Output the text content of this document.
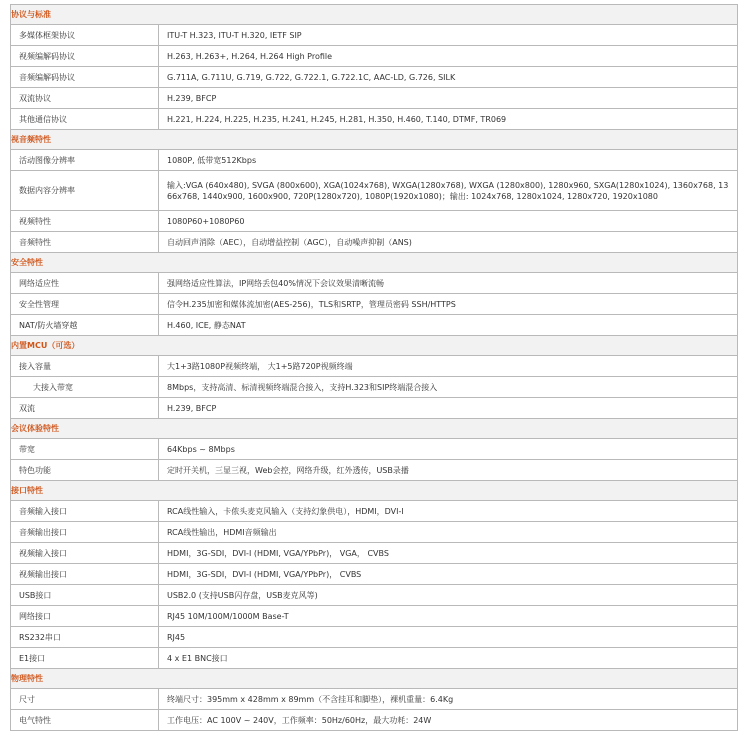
协议与标准	
多媒体框架协议	ITU-T H.323, ITU-T H.320, IETF SIP
视频编解码协议	H.263, H.263+, H.264, H.264 High Profile
音频编解码协议	G.711A, G.711U, G.719, G.722, G.722.1, G.722.1C, AAC-LD, G.726, SILK
双流协议	H.239, BFCP
其他通信协议	H.221, H.224, H.225, H.235, H.241, H.245, H.281, H.350, H.460, T.140, DTMF, TR069
视音频特性	
活动图像分辨率	1080P, 低带宽512Kbps
数据内容分辨率	输入:VGA (640x480), SVGA (800x600), XGA(1024x768), WXGA(1280x768), WXGA (1280x800), 1280x960, SXGA(1280x1024), 1360x768, 1366x768, 1440x900, 1600x900, 720P(1280x720), 1080P(1920x1080)；输出: 1024x768, 1280x1024, 1280x720, 1920x1080
视频特性	1080P60+1080P60
音频特性	自动回声消除（AEC），自动增益控制（AGC），自动噪声抑制（ANS)
安全特性	
网络适应性	强网络适应性算法，IP网络丢包40%情况下会议效果清晰流畅
安全性管理	信令H.235加密和媒体流加密(AES-256)，TLS和SRTP，管理员密码 SSH/HTTPS
NAT/防火墙穿越	H.460, ICE, 静态NAT
内置MCU（可选）	
接入容量	大1+3路1080P视频终端， 大1+5路720P视频终端
大接入带宽	8Mbps，支持高清、标清视频终端混合接入，支持H.323和SIP终端混合接入
双流	H.239, BFCP
会议体验特性	
带宽	64Kbps ~ 8Mbps
特色功能	定时开关机，三显三视，Web会控，网络升级，红外透传，USB录播
接口特性	
音频输入接口	RCA线性输入，卡侬头麦克风输入（支持幻象供电），HDMI，DVI-I
音频输出接口	RCA线性输出，HDMI音频输出
视频输入接口	HDMI，3G-SDI，DVI-I (HDMI, VGA/YPbPr)， VGA， CVBS
视频输出接口	HDMI，3G-SDI，DVI-I (HDMI, VGA/YPbPr)， CVBS
USB接口	USB2.0 (支持USB闪存盘，USB麦克风等)
网络接口	RJ45 10M/100M/1000M Base-T
RS232串口	RJ45
E1接口	4 x E1 BNC接口
物理特性	
尺寸	终端尺寸：395mm x 428mm x 89mm（不含挂耳和脚垫），裸机重量：6.4Kg
电气特性	工作电压：AC 100V ~ 240V，工作频率：50Hz/60Hz，最大功耗：24W
